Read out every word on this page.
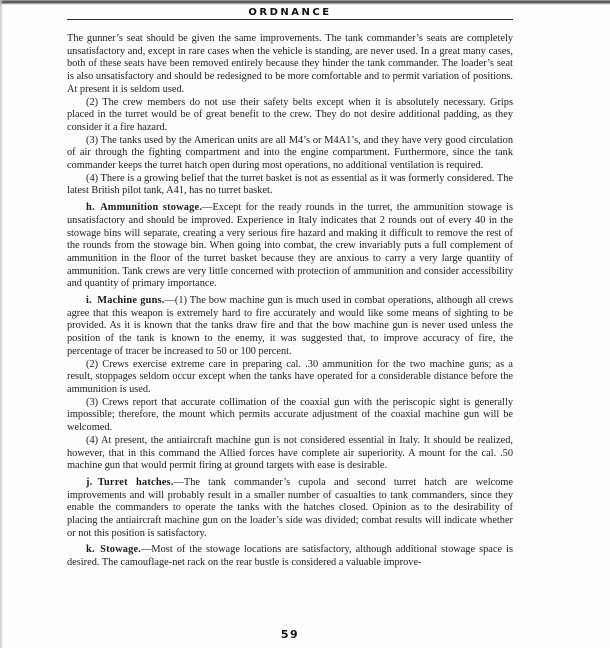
ORDNANCE

The gunner’s seat should be given the same improvements. The tank commander’s seats are completely unsatisfactory and, except in rare cases when the vehicle is standing, are never used. In a great many cases, both of these seats have been removed entirely because they hinder the tank commander. The loader’s seat is also unsatisfactory and should be redesigned to be more comfortable and to permit variation of positions. At present it is seldom used.

(2) The crew members do not use their safety belts except when it is absolutely necessary. Grips placed in the turret would be of great benefit to the crew. They do not desire additional padding, as they consider it a fire hazard.

(3) The tanks used by the American units are all M4’s or M4A1’s, and they have very good circulation of air through the fighting compartment and into the engine compartment. Furthermore, since the tank commander keeps the turret hatch open during most operations, no additional ventilation is required.

(4) There is a growing belief that the turret basket is not as essential as it was formerly considered. The latest British pilot tank, A41, has no turret basket.

h. Ammunition stowage.—Except for the ready rounds in the turret, the ammunition stowage is unsatisfactory and should be improved. Experience in Italy indicates that 2 rounds out of every 40 in the stowage bins will separate, creating a very serious fire hazard and making it difficult to remove the rest of the rounds from the stowage bin. When going into combat, the crew invariably puts a full complement of ammunition in the floor of the turret basket because they are anxious to carry a very large quantity of ammunition. Tank crews are very little concerned with protection of ammunition and consider accessibility and quantity of primary importance.

i. Machine guns.—(1) The bow machine gun is much used in combat operations, although all crews agree that this weapon is extremely hard to fire accurately and would like some means of sighting to be provided. As it is known that the tanks draw fire and that the bow machine gun is never used unless the position of the tank is known to the enemy, it was suggested that, to improve accuracy of fire, the percentage of tracer be increased to 50 or 100 percent.

(2) Crews exercise extreme care in preparing cal. .30 ammunition for the two machine guns; as a result, stoppages seldom occur except when the tanks have operated for a considerable distance before the ammunition is used.

(3) Crews report that accurate collimation of the coaxial gun with the periscopic sight is generally impossible; therefore, the mount which permits accurate adjustment of the coaxial machine gun will be welcomed.

(4) At present, the antiaircraft machine gun is not considered essential in Italy. It should be realized, however, that in this command the Allied forces have complete air superiority. A mount for the cal. .50 machine gun that would permit firing at ground targets with ease is desirable.

j. Turret hatches.—The tank commander’s cupola and second turret hatch are welcome improvements and will probably result in a smaller number of casualties to tank commanders, since they enable the commanders to operate the tanks with the hatches closed. Opinion as to the desirability of placing the antiaircraft machine gun on the loader’s side was divided; combat results will indicate whether or not this position is satisfactory.

k. Stowage.—Most of the stowage locations are satisfactory, although additional stowage space is desired. The camouflage-net rack on the rear bustle is considered a valuable improve-

59
